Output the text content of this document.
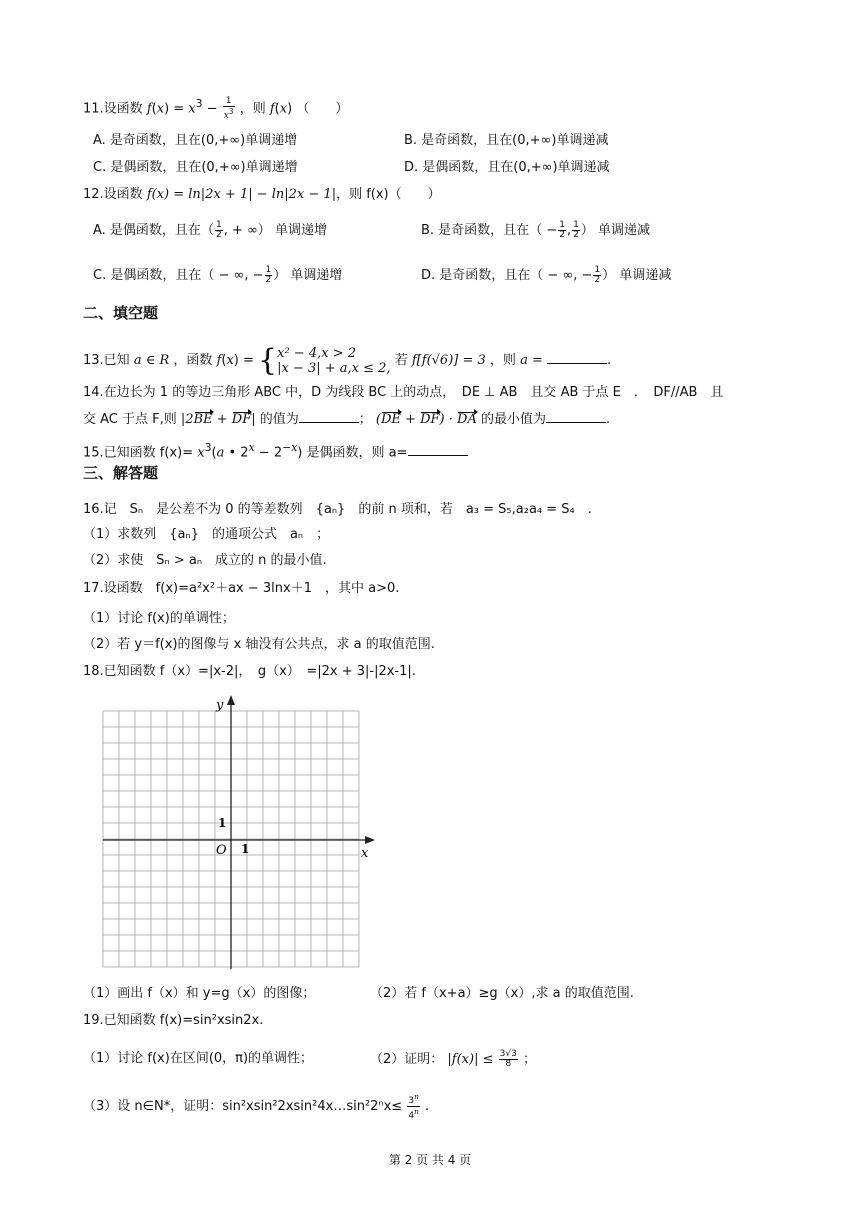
11.设函数 $f(x) = x^3 - \frac{1}{x^3}$ ，则 f(x) （　　）
A. 是奇函数，且在(0,+∞)单调递增	B. 是奇函数，且在(0,+∞)单调递减
C. 是偶函数，且在(0,+∞)单调递增	D. 是偶函数，且在(0,+∞)单调递减
12.设函数 f(x) = ln|2x + 1| − ln|2x − 1|，则 f(x)（　　）
A. 是偶函数，且在（ $\frac{1}{2}$ , + ∞） 单调递增	B. 是奇函数，且在（ − $\frac{1}{2}$ , $\frac{1}{2}$ ） 单调递减
C. 是偶函数，且在（ − ∞, − $\frac{1}{2}$ ） 单调递增	D. 是奇函数，且在（ − ∞, − $\frac{1}{2}$ ） 单调递减
二、填空题
13.已知 a ∈ R ，函数 f(x) = { x² − 4,x > 2
|x − 3| + a,x ≤ 2, 若 f[f(√6)] = 3 ，则 a =	.
14.在边长为 1 的等边三角形 ABC 中，D 为线段 BC 上的动点，　DE ⊥ AB　且交 AB 于点 E　．　DF//AB　且
交 AC 于点 F,则 |2BE + DF| 的值为	； (DE + DF) · DA 的最小值为	.
15.已知函数 $f(x)= x^3(a$ • $2^x - 2^{-x}$) 是偶函数，则 a=
三、解答题
16.记　Sₙ　是公差不为 0 的等差数列　{aₙ}　的前 n 项和，若　a₃ = S₅,a₂a₄ = S₄　.
（1）求数列　{aₙ}　的通项公式　aₙ　；
（2）求使　Sₙ > aₙ　成立的 n 的最小值.
17.设函数　f(x)=a²x²＋ax − 3lnx＋1　，其中 a>0.
（1）讨论 f(x)的单调性；
（2）若 y＝f(x)的图像与 x 轴没有公共点，求 a 的取值范围.
18.已知函数 f（x）=|x-2|，　g（x）　=|2x + 3|-|2x-1|.
y
x
O 1
1
（1）画出 f（x）和 y=g（x）的图像；	（2）若 f（x+a）≥g（x）,求 a 的取值范围.
19.已知函数 f(x)=sin²xsin2x.
（1）讨论 f(x)在区间(0，π)的单调性；	（2）证明： $|f(x)| \le \frac{3√3}{8}$ ；
（3）设 n∈N*，证明：sin²xsin²2xsin²4x…sin²2ⁿx≤ $\frac{3^n}{4^n}$ .
第 2 页 共 4 页
